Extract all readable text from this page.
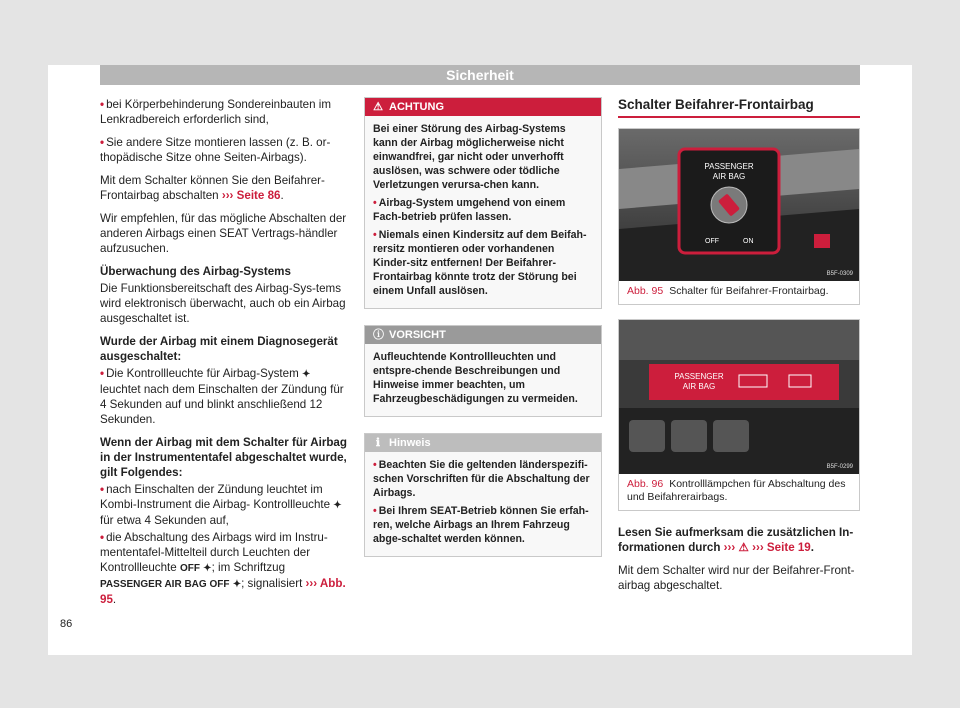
Sicherheit

• bei Körperbehinderung Sondereinbauten im Lenkradbereich erforderlich sind,

• Sie andere Sitze montieren lassen (z. B. or-thopädische Sitze ohne Seiten-Airbags).

Mit dem Schalter können Sie den Beifahrer-Frontairbag abschalten ››› Seite 86.

Wir empfehlen, für das mögliche Abschalten der anderen Airbags einen SEAT Vertrags-händler aufzusuchen.

Überwachung des Airbag-Systems

Die Funktionsbereitschaft des Airbag-Sys-tems wird elektronisch überwacht, auch ob ein Airbag ausgeschaltet ist.

Wurde der Airbag mit einem Diagnosegerät ausgeschaltet:

• Die Kontrollleuchte für Airbag-System ✦ leuchtet nach dem Einschalten der Zündung für 4 Sekunden auf und blinkt anschließend 12 Sekunden.

Wenn der Airbag mit dem Schalter für Airbag in der Instrumententafel abgeschaltet wurde, gilt Folgendes:

• nach Einschalten der Zündung leuchtet im Kombi-Instrument die Airbag- Kontrollleuchte ✦ für etwa 4 Sekunden auf,

• die Abschaltung des Airbags wird im Instru-mententafel-Mittelteil durch Leuchten der Kontrollleuchte OFF ✦; im Schriftzug PASSENGER AIR BAG OFF ✦; signalisiert ››› Abb. 95.

⚠ ACHTUNG

Bei einer Störung des Airbag-Systems kann der Airbag möglicherweise nicht einwandfrei, gar nicht oder unverhofft auslösen, was schwere oder tödliche Verletzungen verursa-chen kann.

• Airbag-System umgehend von einem Fach-betrieb prüfen lassen.

• Niemals einen Kindersitz auf dem Beifah-rersitz montieren oder vorhandenen Kinder-sitz entfernen! Der Beifahrer-Frontairbag könnte trotz der Störung bei einem Unfall auslösen.

ⓘ VORSICHT

Aufleuchtende Kontrollleuchten und entspre-chende Beschreibungen und Hinweise immer beachten, um Fahrzeugbeschädigungen zu vermeiden.

ℹ Hinweis

• Beachten Sie die geltenden länderspezifi-schen Vorschriften für die Abschaltung der Airbags.

• Bei Ihrem SEAT-Betrieb können Sie erfah-ren, welche Airbags an Ihrem Fahrzeug abge-schaltet werden können.

Schalter Beifahrer-Frontairbag
PASSENGER
AIR BAG
OFF	ON
B5F-0309
Abb. 95 Schalter für Beifahrer-Frontairbag.
PASSENGER
AIR BAG
B5F-0299
Abb. 96 Kontrolllämpchen für Abschaltung des und Beifahrerairbags.

Lesen Sie aufmerksam die zusätzlichen In-formationen durch ››› ⚠ ››› Seite 19.

Mit dem Schalter wird nur der Beifahrer-Front-airbag abgeschaltet.

86
